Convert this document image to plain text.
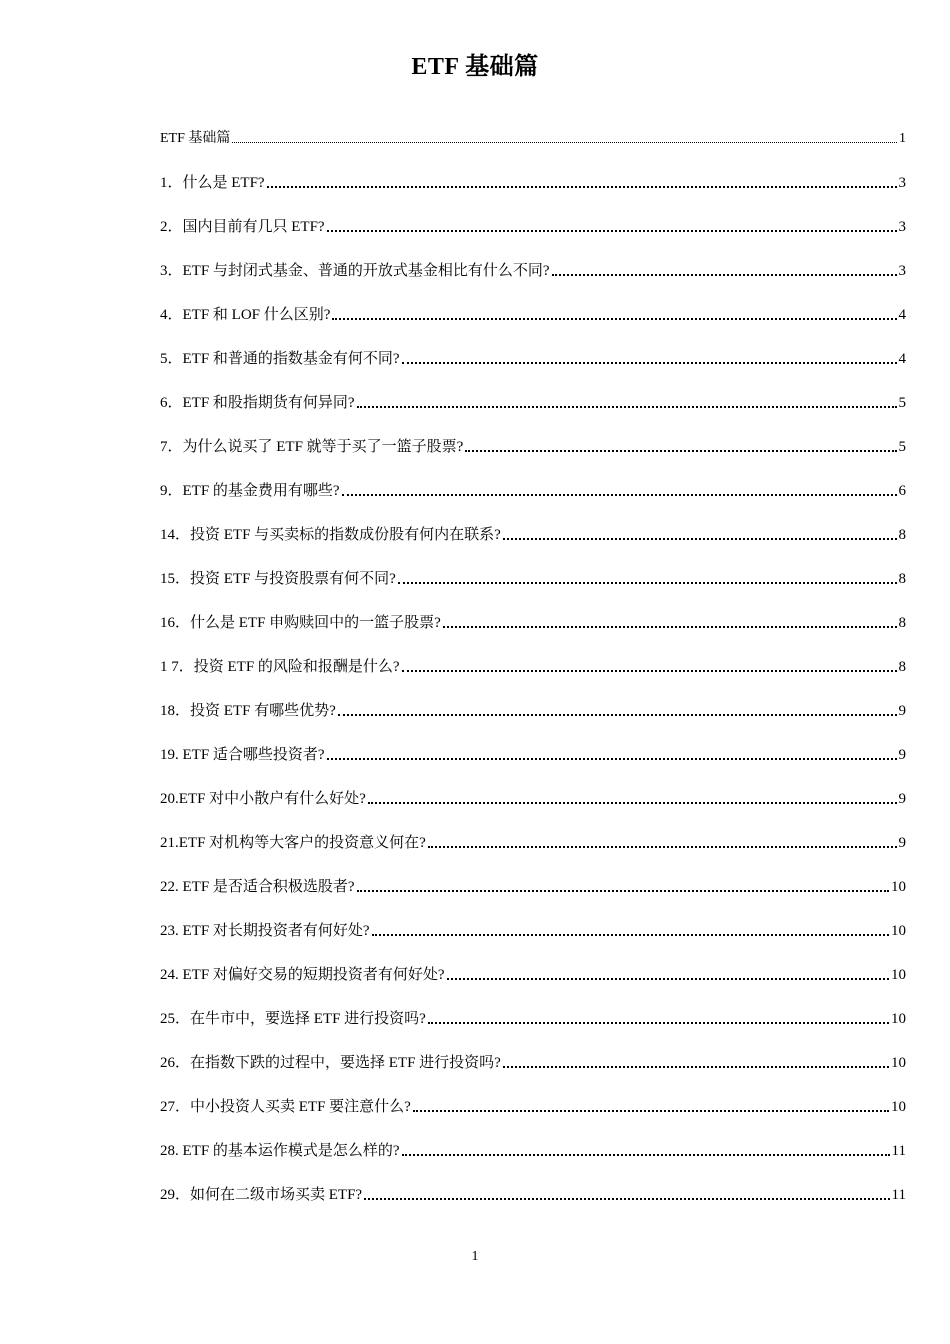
ETF 基础篇
ETF 基础篇	1
1．什么是 ETF?	3
2．国内目前有几只 ETF?	3
3．ETF 与封闭式基金、普通的开放式基金相比有什么不同?	3
4．ETF 和 LOF 什么区别?	4
5．ETF 和普通的指数基金有何不同?	4
6．ETF 和股指期货有何异同?	5
7．为什么说买了 ETF 就等于买了一篮子股票?	5
9．ETF 的基金费用有哪些?	6
14．投资 ETF 与买卖标的指数成份股有何内在联系?	8
15．投资 ETF 与投资股票有何不同?	8
16．什么是 ETF 申购赎回中的一篮子股票?	8
1 7．投资 ETF 的风险和报酬是什么?	8
18．投资 ETF 有哪些优势?	9
19. ETF 适合哪些投资者?	9
20.ETF 对中小散户有什么好处?	9
21.ETF 对机构等大客户的投资意义何在?	9
22. ETF 是否适合积极选股者?	10
23. ETF 对长期投资者有何好处?	10
24. ETF 对偏好交易的短期投资者有何好处?	10
25．在牛市中，要选择 ETF 进行投资吗?	10
26．在指数下跌的过程中，要选择 ETF 进行投资吗?	10
27．中小投资人买卖 ETF 要注意什么?	10
28. ETF 的基本运作模式是怎么样的?	11
29．如何在二级市场买卖 ETF?	11
1
